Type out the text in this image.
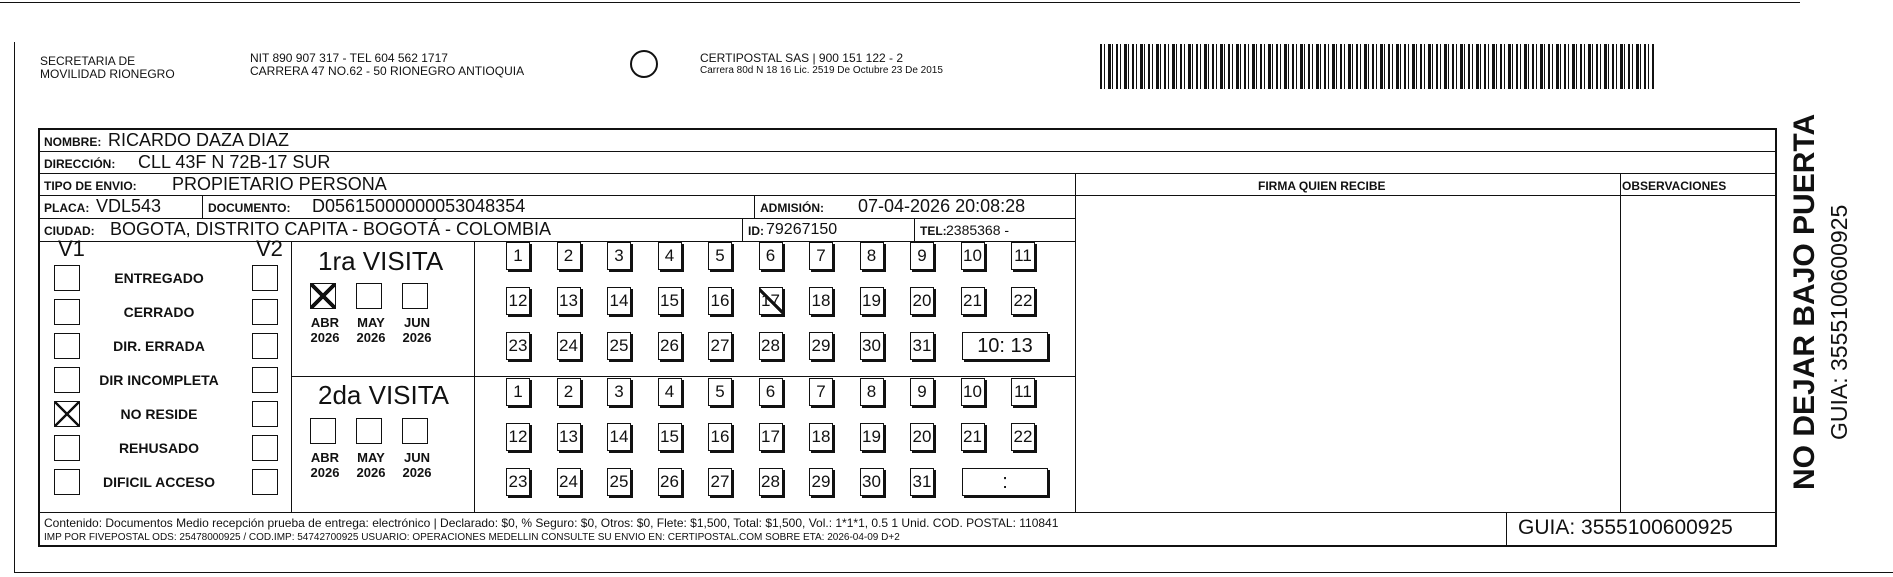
SECRETARIA DE
MOVILIDAD RIONEGRO
NIT 890 907 317 - TEL 604 562 1717
CARRERA 47 NO.62 - 50 RIONEGRO ANTIOQUIA
CERTIPOSTAL SAS | 900 151 122 - 2
Carrera 80d N 18 16 Lic. 2519 De Octubre 23 De 2015
NOMBRE: RICARDO DAZA DIAZ
DIRECCIÓN: CLL 43F N 72B-17 SUR
TIPO DE ENVIO: PROPIETARIO PERSONA	FIRMA QUIEN RECIBE	OBSERVACIONES
PLACA: VDL543	DOCUMENTO: D05615000000053048354	ADMISIÓN: 07-04-2026 20:08:28
CIUDAD: BOGOTA, DISTRITO CAPITA - BOGOTÁ - COLOMBIA	ID: 79267150	TEL: 2385368 -
V1	V2
ENTREGADO
CERRADO
DIR. ERRADA
DIR INCOMPLETA
NO RESIDE
REHUSADO
DIFICIL ACCESO
1ra VISITA
ABR
2026
MAY
2026
JUN
2026
1	2	3	4	5	6	7	8	9	10 11
12 13 14 15 16 17 18 19 20 21 22
23 24 25 26 27 28 29 30 31	10: 13
2da VISITA
ABR
2026
MAY
2026
JUN
2026
1	2	3	4	5	6	7	8	9	10 11
12 13 14 15 16 17 18 19 20 21 22
23 24 25 26 27 28 29 30 31	:
Contenido: Documentos Medio recepción prueba de entrega: electrónico | Declarado: $0, % Seguro: $0, Otros: $0, Flete: $1,500, Total: $1,500, Vol.: 1*1*1, 0.5 1 Unid. COD. POSTAL: 110841
IMP POR FIVEPOSTAL ODS: 25478000925 / COD.IMP: 54742700925 USUARIO: OPERACIONES MEDELLIN CONSULTE SU ENVIO EN: CERTIPOSTAL.COM SOBRE ETA: 2026-04-09 D+2	GUIA: 3555100600925
NO DEJAR BAJO PUERTA GUIA: 3555100600925
